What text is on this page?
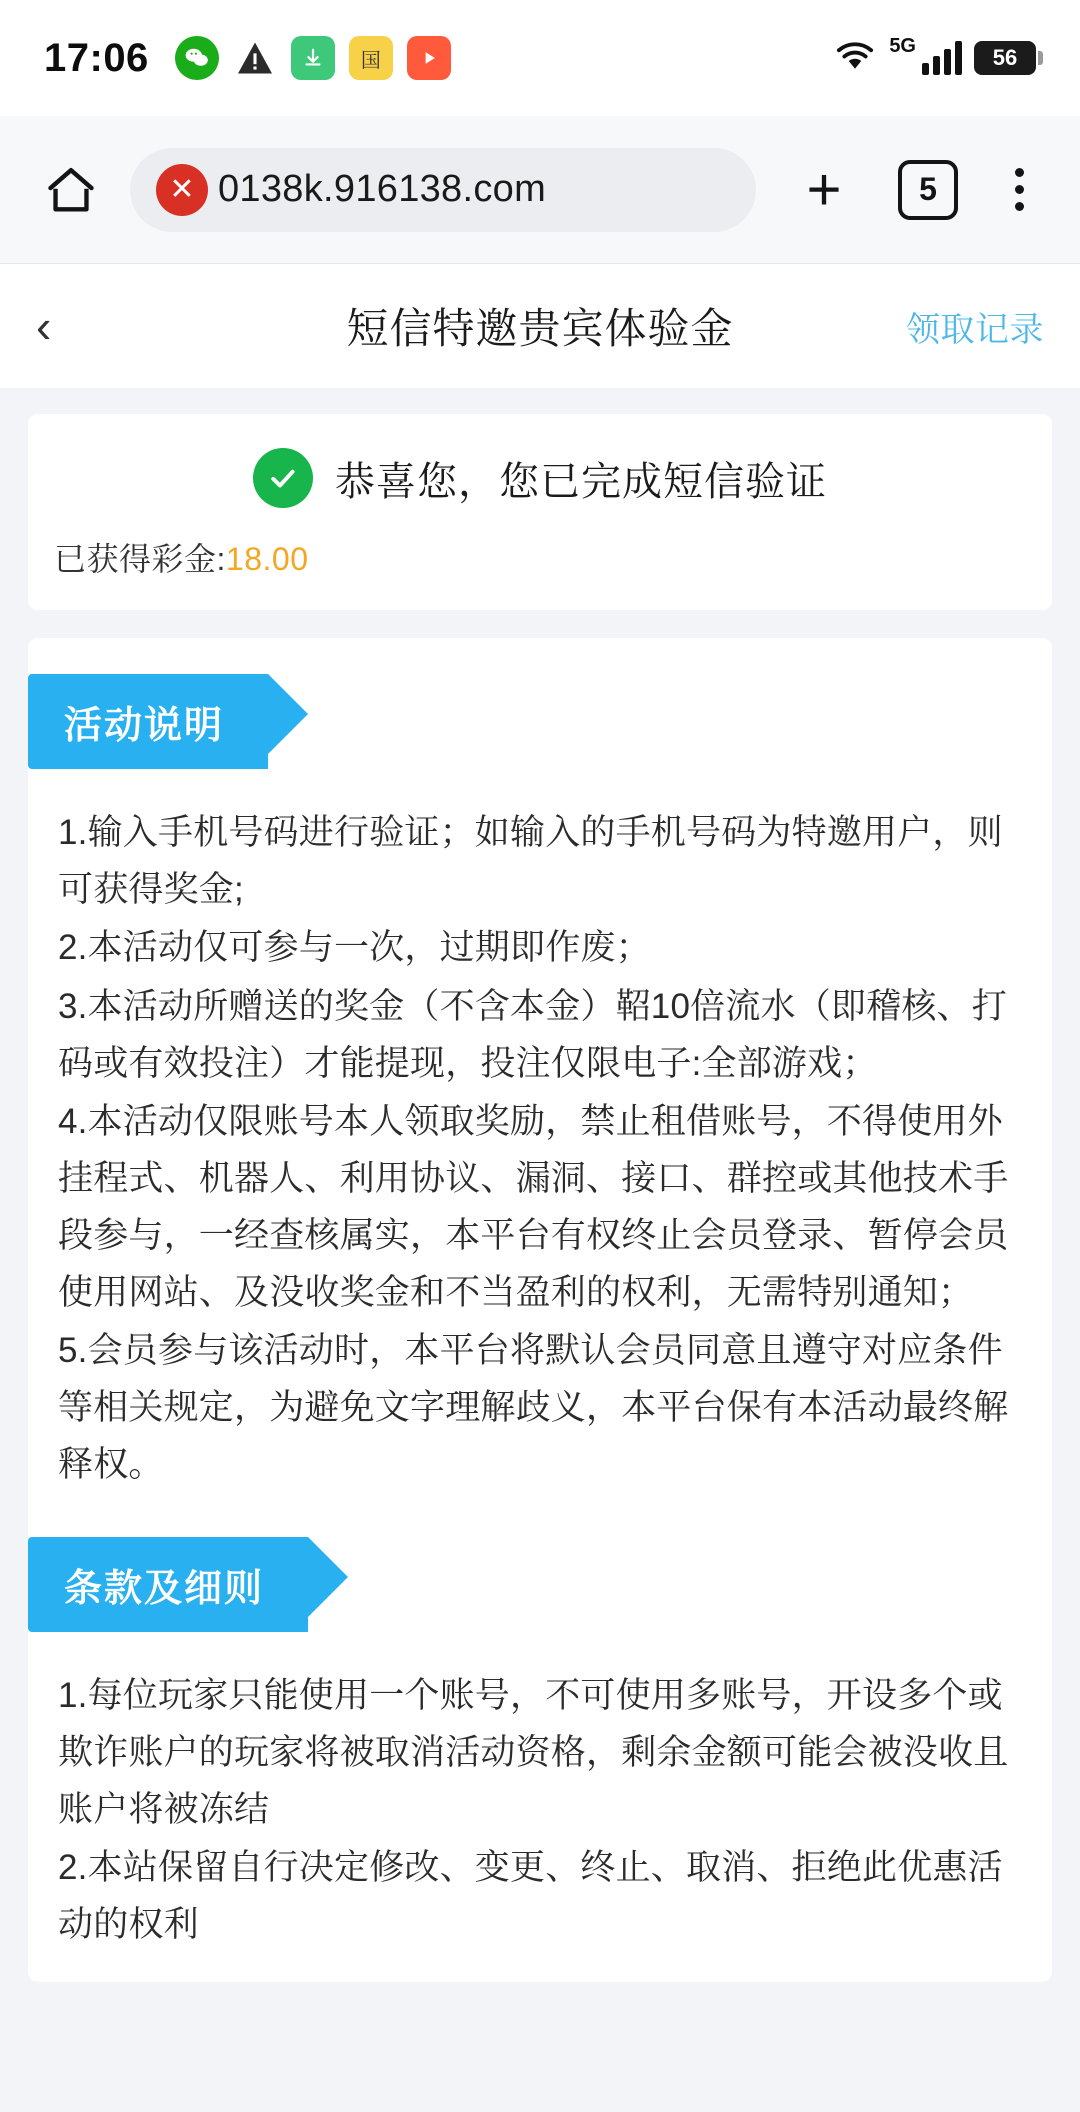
17:06	国
5G	56
✕ 0138k.916138.com	+	5
‹	短信特邀贵宾体验金	领取记录
恭喜您，您已完成短信验证
已获得彩金:18.00
活动说明

1.输入手机号码进行验证；如输入的手机号码为特邀用户，则可获得奖金;

2.本活动仅可参与一次，过期即作废；

3.本活动所赠送的奖金（不含本金）鞀10倍流水（即稽核、打码或有效投注）才能提现，投注仅限电子:全部游戏；

4.本活动仅限账号本人领取奖励，禁止租借账号，不得使用外挂程式、机器人、利用协议、漏洞、接口、群控或其他技术手段参与，一经查核属实，本平台有权终止会员登录、暂停会员使用网站、及没收奖金和不当盈利的权利，无需特别通知；

5.会员参与该活动时，本平台将默认会员同意且遵守对应条件等相关规定，为避免文字理解歧义，本平台保有本活动最终解释权。

条款及细则

1.每位玩家只能使用一个账号，不可使用多账号，开设多个或欺诈账户的玩家将被取消活动资格，剩余金额可能会被没收且账户将被冻结

2.本站保留自行决定修改、变更、终止、取消、拒绝此优惠活动的权利
